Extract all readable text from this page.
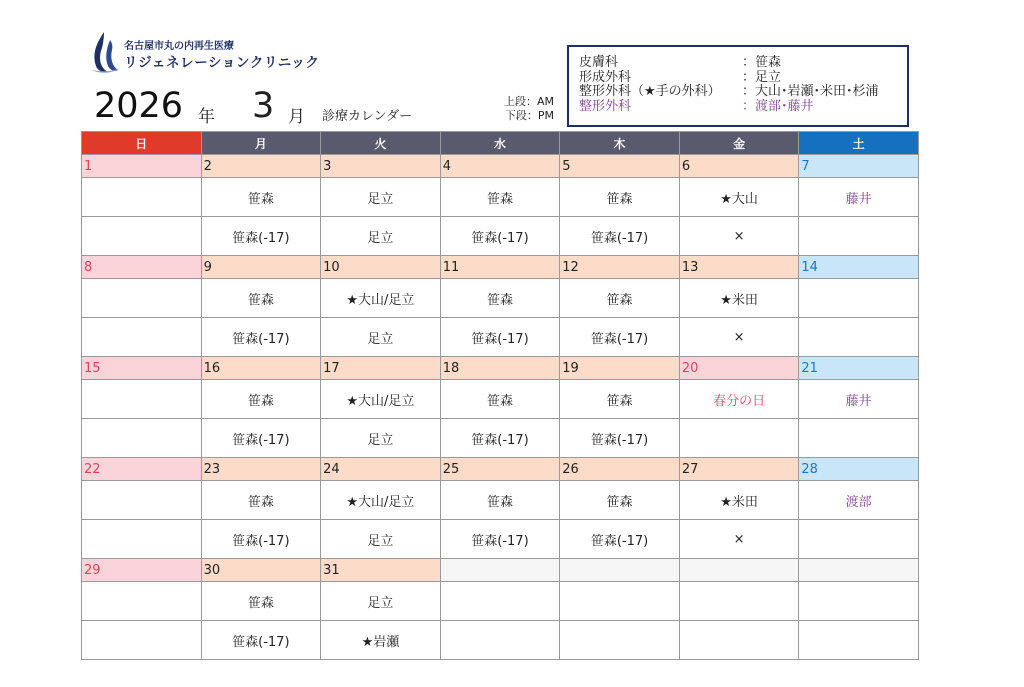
名古屋市丸の内再生医療
リジェネレーションクリニック
2026 年 3 月 診療カレンダー
上段：AM
下段：PM
皮膚科	：笹森
形成外科	：足立
整形外科（★手の外科） ：大山･岩瀬･米田･杉浦
整形外科	：渡部･藤井
日	月	火	水	木	金	土
1	2	3	4	5	6	7
	笹森	足立	笹森	笹森	★大山	藤井
	笹森(-17)	足立	笹森(-17)	笹森(-17)	×	
8	9	10	11	12	13	14
	笹森	★大山/足立	笹森	笹森	★米田	
	笹森(-17)	足立	笹森(-17)	笹森(-17)	×	
15	16	17	18	19	20	21
	笹森	★大山/足立	笹森	笹森	春分の日	藤井
	笹森(-17)	足立	笹森(-17)	笹森(-17)		
22	23	24	25	26	27	28
	笹森	★大山/足立	笹森	笹森	★米田	渡部
	笹森(-17)	足立	笹森(-17)	笹森(-17)	×	
29	30	31				
	笹森	足立				
	笹森(-17)	★岩瀬				
